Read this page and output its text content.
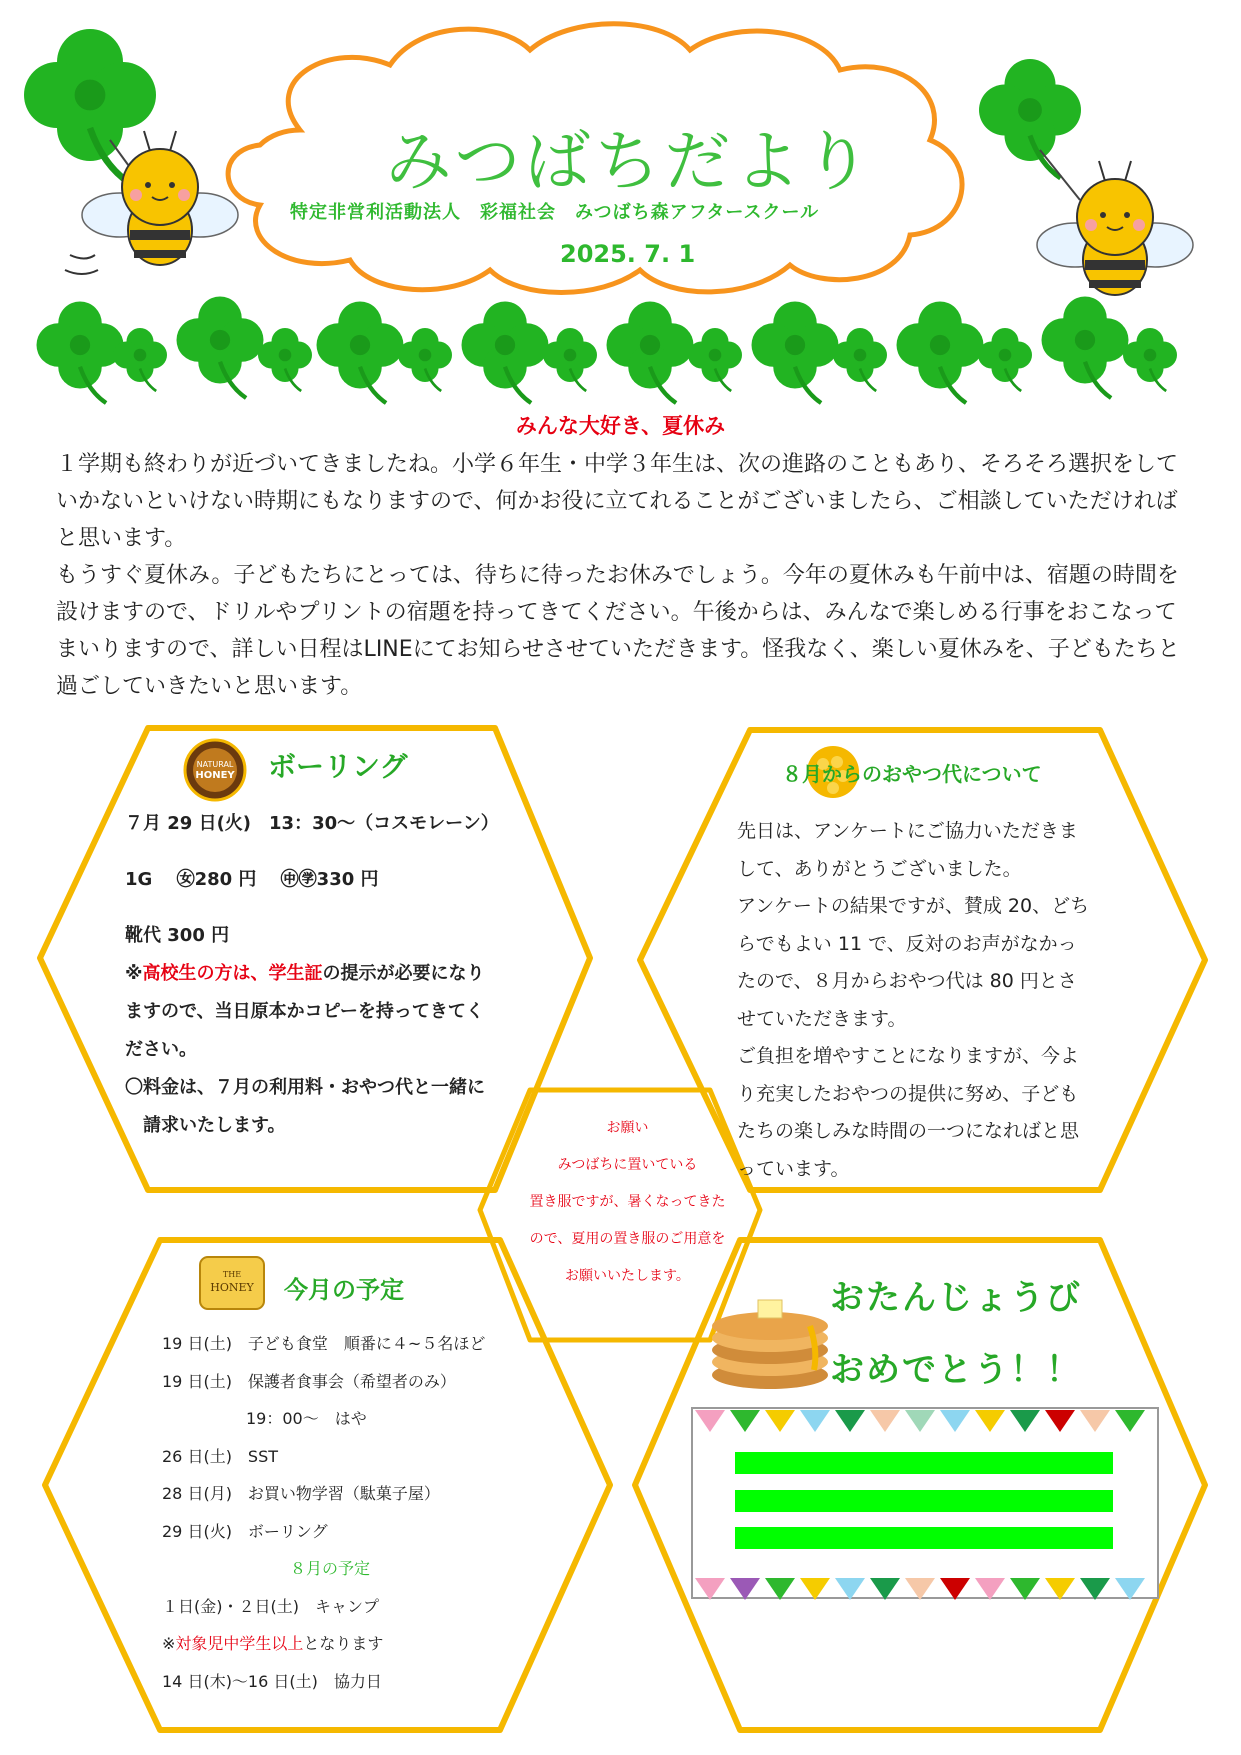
NATURAL
HONEY
THE
HONEY
みつばちだより
特定非営利活動法人　彩福社会　みつばち森アフタースクール
2025. 7. 1
みんな大好き、夏休み

１学期も終わりが近づいてきましたね。小学６年生・中学３年生は、次の進路のこともあり、そろそろ選択をしていかないといけない時期にもなりますので、何かお役に立てれることがございましたら、ご相談していただければと思います。

もうすぐ夏休み。子どもたちにとっては、待ちに待ったお休みでしょう。今年の夏休みも午前中は、宿題の時間を設けますので、ドリルやプリントの宿題を持ってきてください。午後からは、みんなで楽しめる行事をおこなってまいりますので、詳しい日程はLINEにてお知らせさせていただきます。怪我なく、楽しい夏休みを、子どもたちと過ごしていきたいと思います。

ボーリング
７月 29 日(火)　13：30～（コスモレーン）
1G　 ㊛280 円　 ㊥㊫330 円
靴代 300 円
※高校生の方は、学生証の提示が必要になり
ますので、当日原本かコピーを持ってきてく
ださい。
〇料金は、７月の利用料・おやつ代と一緒に
　請求いたします。
８月からのおやつ代について
先日は、アンケートにご協力いただきま
して、ありがとうございました。
アンケートの結果ですが、賛成 20、どち
らでもよい 11 で、反対のお声がなかっ
たので、８月からおやつ代は 80 円とさ
せていただきます。
ご負担を増やすことになりますが、今よ
り充実したおやつの提供に努め、子ども
たちの楽しみな時間の一つになればと思
っています。
お願い
みつばちに置いている
置き服ですが、暑くなってきた
ので、夏用の置き服のご用意を
お願いいたします。
今月の予定
19 日(土)　子ども食堂　順番に４~５名ほど
19 日(土)　保護者食事会（希望者のみ）
19：00～　はや
26 日(土)　SST
28 日(月)　お買い物学習（駄菓子屋）
29 日(火)　ボーリング
８月の予定
１日(金)・２日(土)　キャンプ
※対象児中学生以上となります
14 日(木)～16 日(土)　協力日
おたんじょうび
おめでとう！！
